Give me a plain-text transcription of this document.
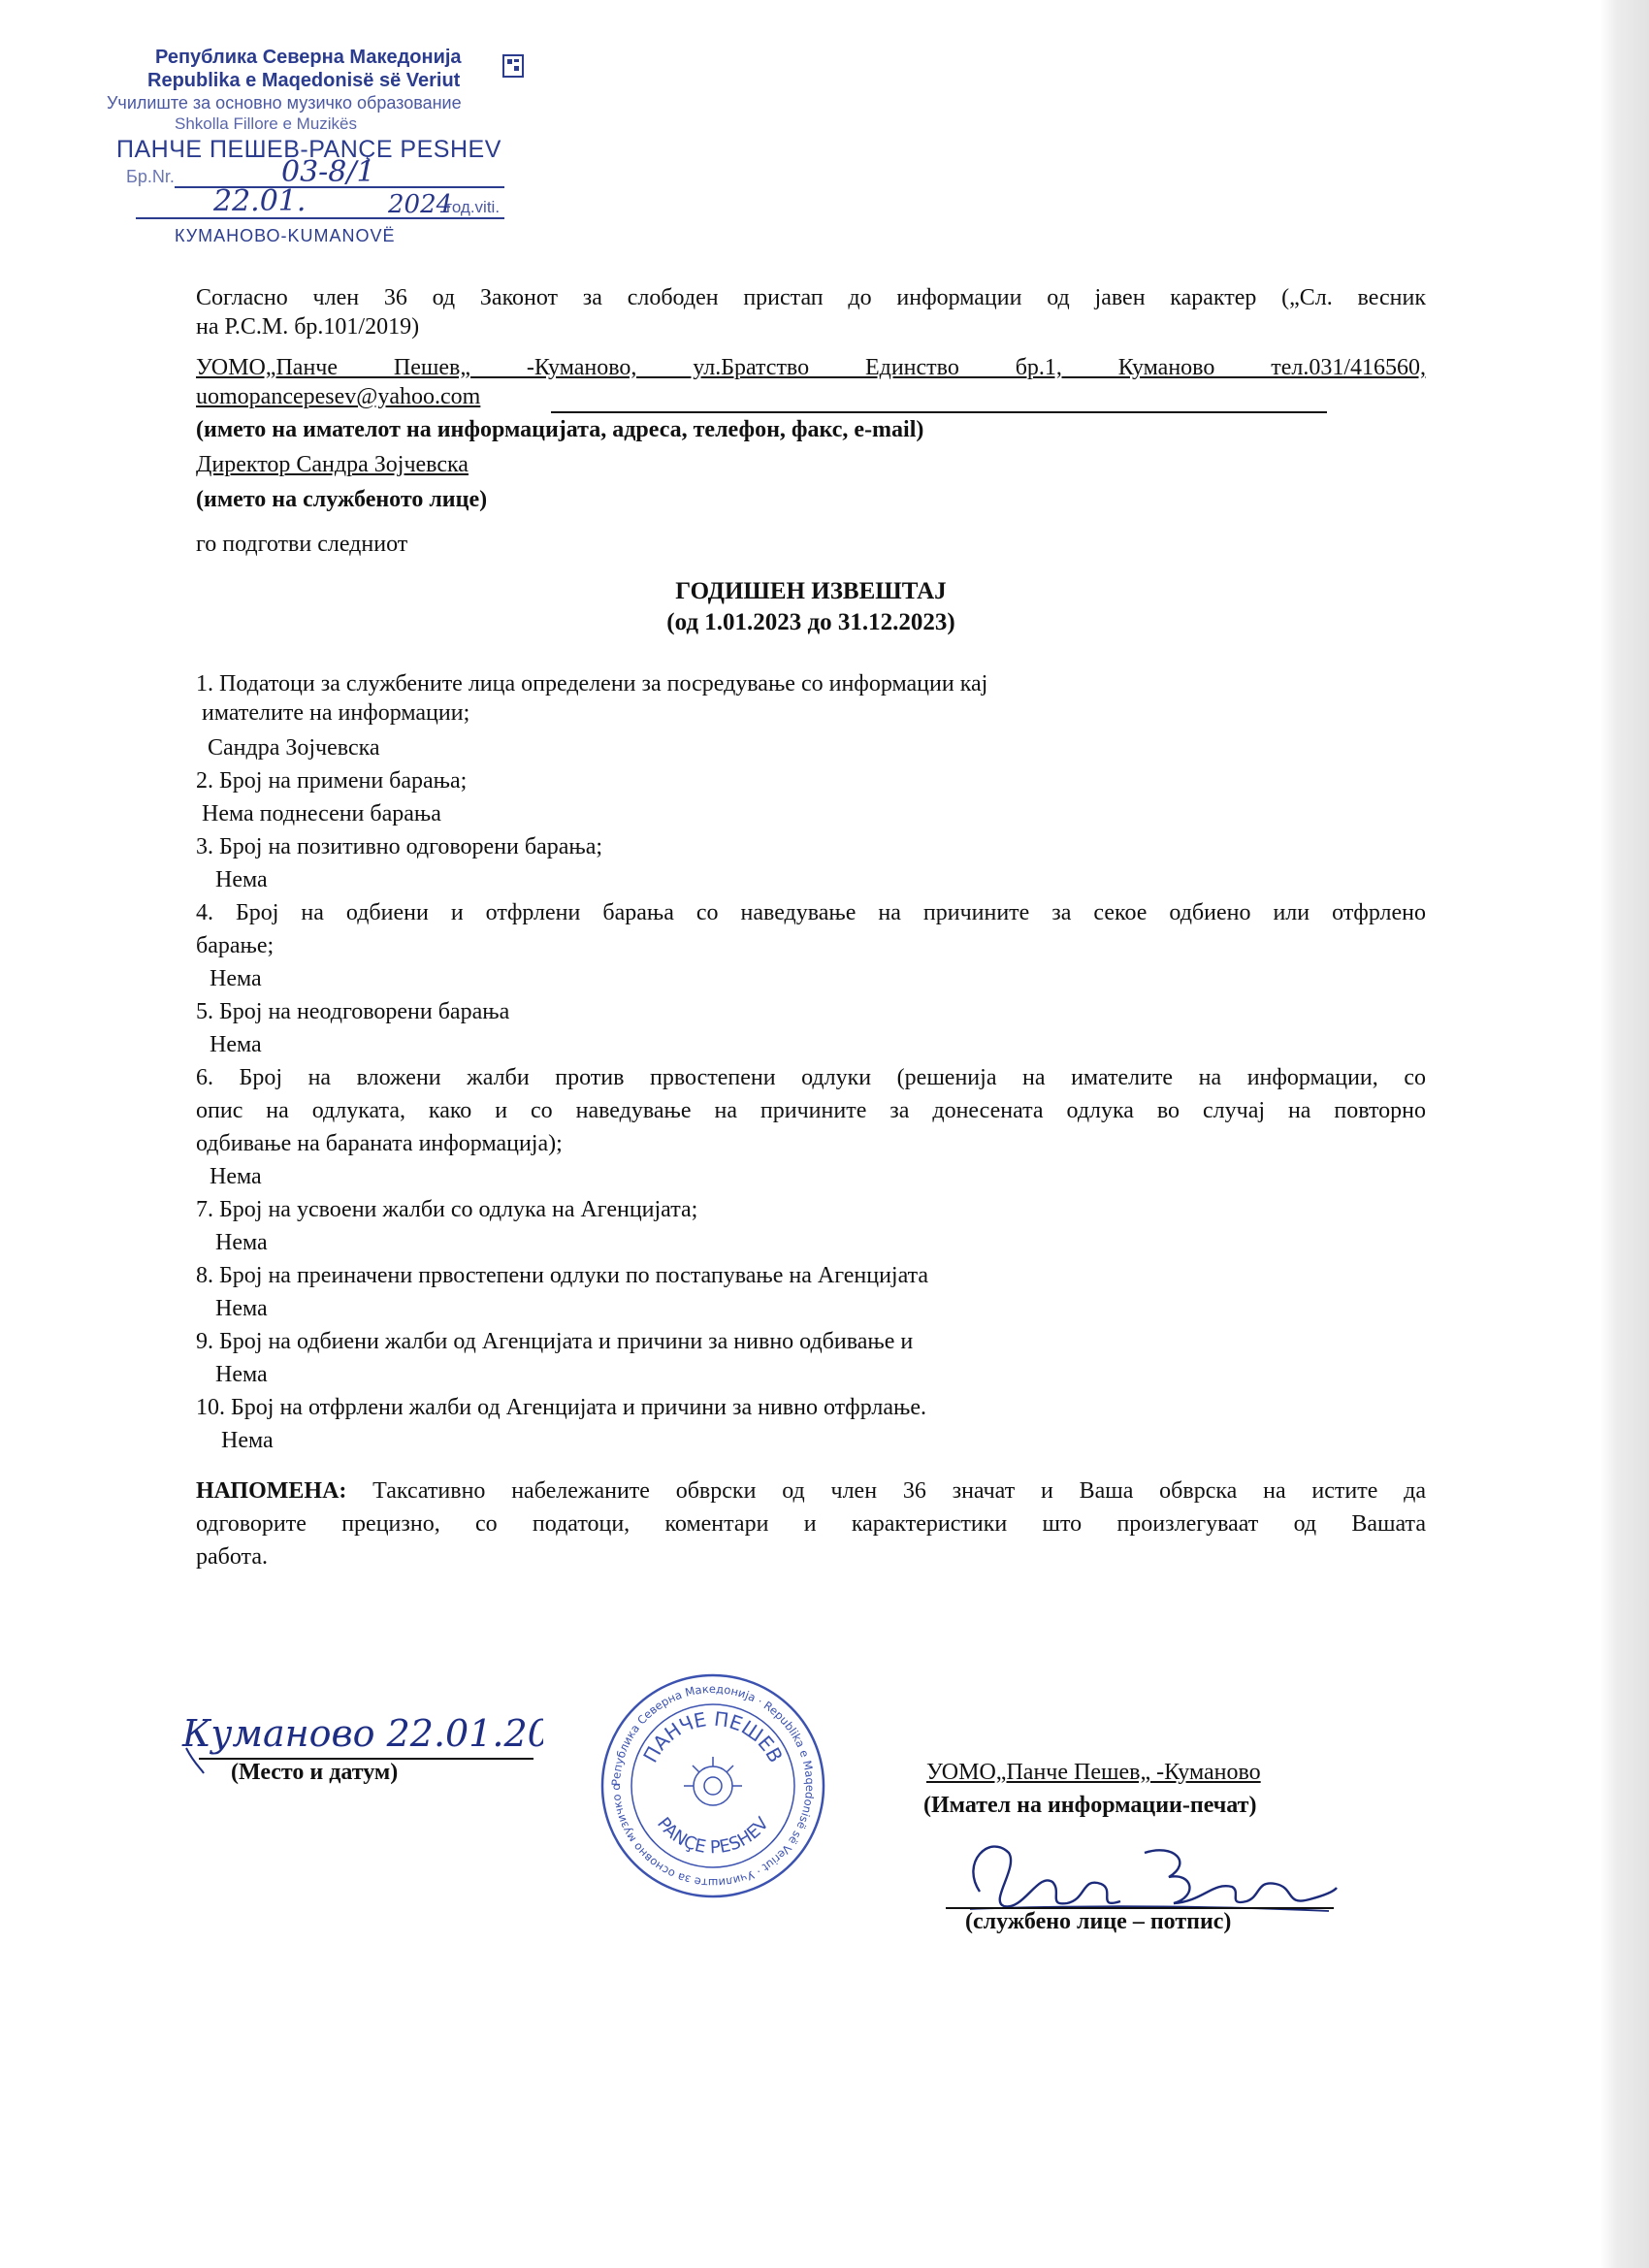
Република Северна Македонија
Republika e Maqedonisë së Veriut
Училиште за основно музичко образование
Shkolla Fillore e Muzikës
ПАНЧЕ ПЕШЕВ-PANÇE PESHEV
Бр.Nr.	03-8/1
22.01.	2024
год.viti.
КУМАНОВО-KUMANOVË
Согласно член 36 од Законот за слободен пристап до информации од јавен карактер („Сл. весник
на Р.С.М. бр.101/2019)
УОМО„Панче Пешев„ -Куманово, ул.Братство Единство бр.1, Куманово тел.031/416560,
uomopancepesev@yahoo.com
(името на имателот на информацијата, адреса, телефон, факс, e-mail)
Директор Сандра Зојчевска
(името на службеното лице)
го подготви следниот
ГОДИШЕН ИЗВЕШТАЈ
(од 1.01.2023 до 31.12.2023)
1. Податоци за службените лица определени за посредување со информации кај
имателите на информации;
Сандра Зојчевска
2. Број на примени барања;
Нема поднесени барања
3. Број на позитивно одговорени барања;
Нема
4. Број на одбиени и отфрлени барања со наведување на причините за секое одбиено или отфрлено
барање;
Нема
5. Број на неодговорени барања
Нема
6. Број на вложени жалби против првостепени одлуки (решенија на имателите на информации, со
опис на одлуката, како и со наведување на причините за донесената одлука во случај на повторно
одбивање на бараната информација);
Нема
7. Број на усвоени жалби со одлука на Агенцијата;
Нема
8. Број на преиначени првостепени одлуки по постапување на Агенцијата
Нема
9. Број на одбиени жалби од Агенцијата и причини за нивно одбивање и
Нема
10. Број на отфрлени жалби од Агенцијата и причини за нивно отфрлање.
Нема
НАПОМЕНА: Таксативно набележаните обврски од член 36 значат и Ваша обврска на истите да
одговорите прецизно, со податоци, коментари и карактеристики што произлегуваат од Вашата
работа.
Куманово 22.01.2
(Место и датум)	Република Северна Македонија · Republika e Maqedonisë së Veriut · Училиште за основно музичко о
ПАНЧЕ ПЕШЕВ
PANÇE PESHEV
УОМО„Панче Пешев„ -Куманово
(Имател на информации-печат)
(службено лице – потпис)
